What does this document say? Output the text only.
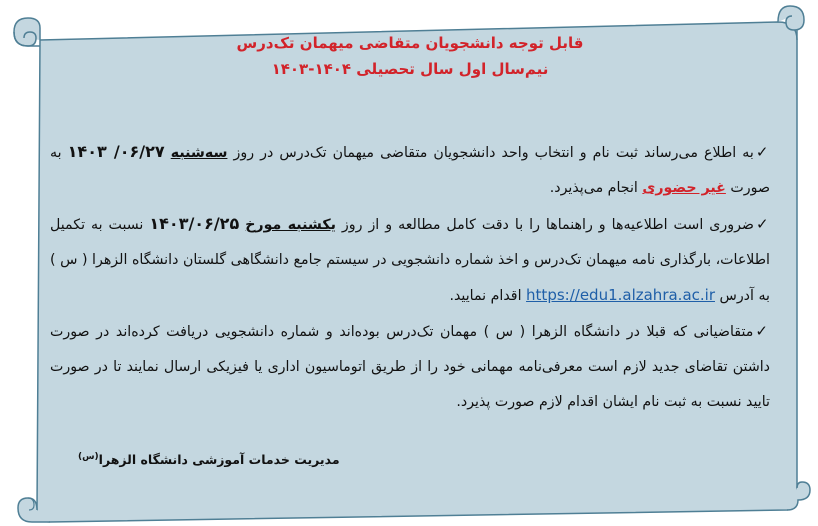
قابل توجه دانشجویان متقاضی میهمان تک‌درس
نیم‌سال اول سال تحصیلی ۱۴۰۴-۱۴۰۳
✓به اطلاع می‌رساند ثبت نام و انتخاب واحد دانشجویان متقاضی میهمان تک‌درس در روز سه‌شنبه ۱۴۰۳ /۰۶/۲۷ به صورت غیر حضوری انجام می‌پذیرد.
✓ضروری است اطلاعیه‌ها و راهنماها را با دقت کامل مطالعه و از روز یکشنبه مورخ ۱۴۰۳/۰۶/۲۵ نسبت به تکمیل اطلاعات، بارگذاری نامه میهمان تک‌درس و اخذ شماره دانشجویی در سیستم جامع دانشگاهی گلستان دانشگاه الزهرا ( س ) به آدرس https://edu1.alzahra.ac.ir اقدام نمایید.
✓متقاضیانی که قبلا در دانشگاه الزهرا ( س ) مهمان تک‌درس بوده‌اند و شماره دانشجویی دریافت کرده‌اند در صورت داشتن تقاضای جدید لازم است معرفی‌نامه مهمانی خود را از طریق اتوماسیون اداری یا فیزیکی ارسال نمایند تا در صورت تایید نسبت به ثبت نام ایشان اقدام لازم صورت پذیرد.
مدیریت خدمات آموزشی دانشگاه الزهرا$^{(س)}$
